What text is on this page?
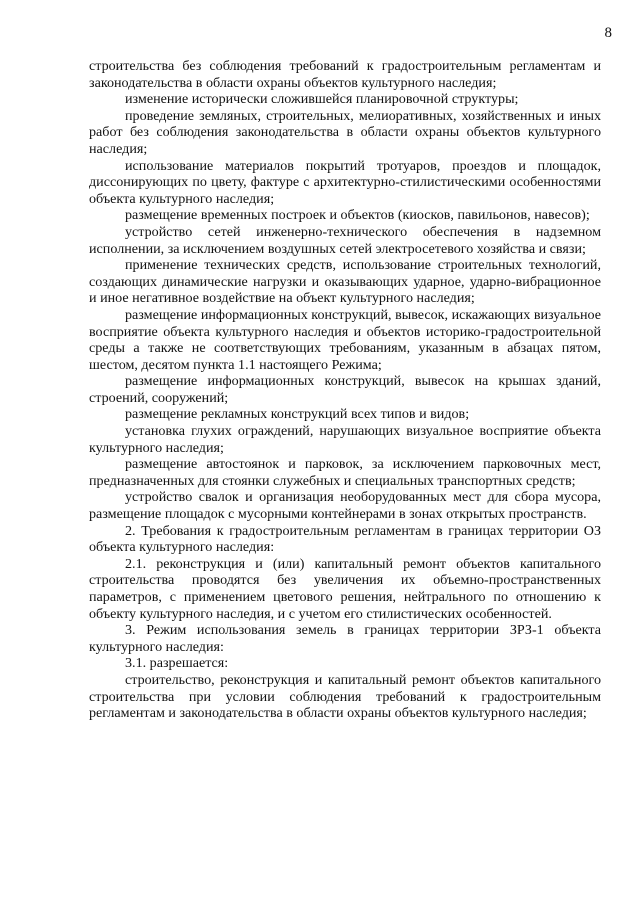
8

строительства без соблюдения требований к градостроительным регламентам и законодательства в области охраны объектов культурного наследия;

изменение исторически сложившейся планировочной структуры;

проведение земляных, строительных, мелиоративных, хозяйственных и иных работ без соблюдения законодательства в области охраны объектов культурного наследия;

использование материалов покрытий тротуаров, проездов и площадок, диссонирующих по цвету, фактуре с архитектурно-стилистическими особенностями объекта культурного наследия;

размещение временных построек и объектов (киосков, павильонов, навесов);

устройство сетей инженерно-технического обеспечения в надземном исполнении, за исключением воздушных сетей электросетевого хозяйства и связи;

применение технических средств, использование строительных технологий, создающих динамические нагрузки и оказывающих ударное, ударно-вибрационное и иное негативное воздействие на объект культурного наследия;

размещение информационных конструкций, вывесок, искажающих визуальное восприятие объекта культурного наследия и объектов историко-градостроительной среды а также не соответствующих требованиям, указанным в абзацах пятом, шестом, десятом пункта 1.1 настоящего Режима;

размещение информационных конструкций, вывесок на крышах зданий, строений, сооружений;

размещение рекламных конструкций всех типов и видов;

установка глухих ограждений, нарушающих визуальное восприятие объекта культурного наследия;

размещение автостоянок и парковок, за исключением парковочных мест, предназначенных для стоянки служебных и специальных транспортных средств;

устройство свалок и организация необорудованных мест для сбора мусора, размещение площадок с мусорными контейнерами в зонах открытых пространств.

2. Требования к градостроительным регламентам в границах территории ОЗ объекта культурного наследия:

2.1. реконструкция и (или) капитальный ремонт объектов капитального строительства проводятся без увеличения их объемно-пространственных параметров, с применением цветового решения, нейтрального по отношению к объекту культурного наследия, и с учетом его стилистических особенностей.

3. Режим использования земель в границах территории ЗРЗ-1 объекта культурного наследия:

3.1. разрешается:

строительство, реконструкция и капитальный ремонт объектов капитального строительства при условии соблюдения требований к градостроительным регламентам и законодательства в области охраны объектов культурного наследия;
